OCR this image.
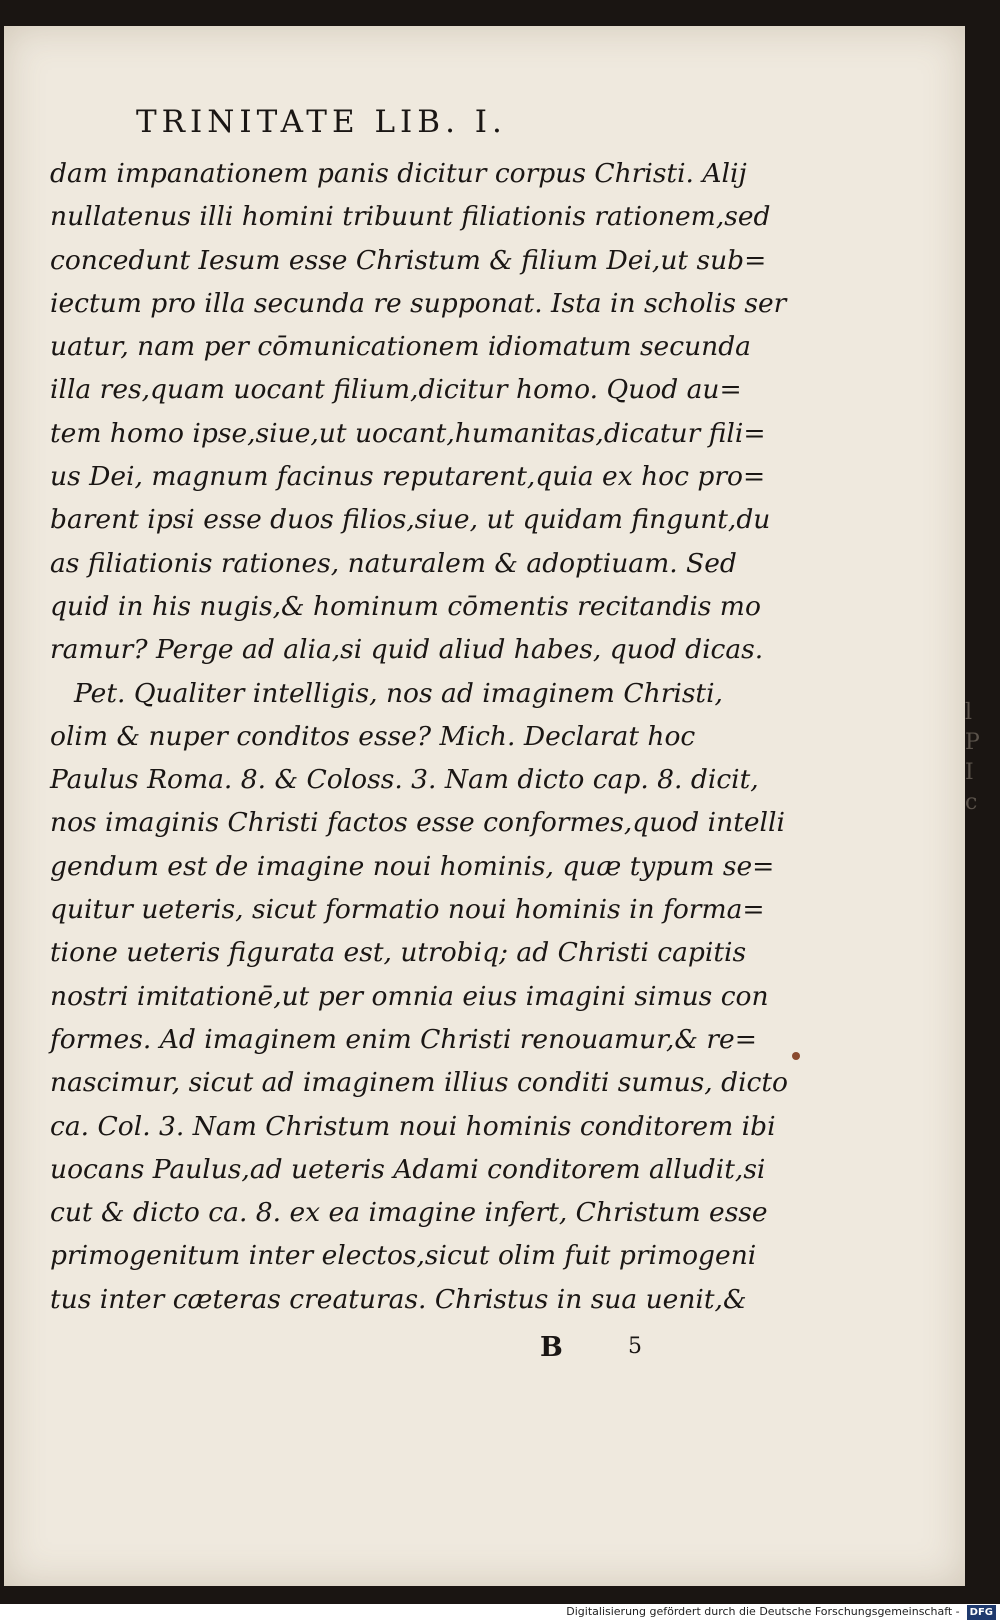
l
P
I
c
TRINITATE LIB. I.
dam impanationem panis dicitur corpus Christi. Alij
nullatenus illi homini tribuunt filiationis rationem,sed
concedunt Iesum esse Christum & filium Dei,ut sub=
iectum pro illa secunda re supponat. Ista in scholis ser
uatur, nam per cōmunicationem idiomatum secunda
illa res,quam uocant filium,dicitur homo. Quod au=
tem homo ipse,siue,ut uocant,humanitas,dicatur fili=
us Dei, magnum facinus reputarent,quia ex hoc pro=
barent ipsi esse duos filios,siue, ut quidam fingunt,du
as filiationis rationes, naturalem & adoptiuam. Sed
quid in his nugis,& hominum cōmentis recitandis mo
ramur? Perge ad alia,si quid aliud habes, quod dicas.
Pet. Qualiter intelligis, nos ad imaginem Christi,
olim & nuper conditos esse? Mich. Declarat hoc
Paulus Roma. 8. & Coloss. 3. Nam dicto cap. 8. dicit,
nos imaginis Christi factos esse conformes,quod intelli
gendum est de imagine noui hominis, quæ typum se=
quitur ueteris, sicut formatio noui hominis in forma=
tione ueteris figurata est, utrobiq; ad Christi capitis
nostri imitationē,ut per omnia eius imagini simus con
formes. Ad imaginem enim Christi renouamur,& re=
nascimur, sicut ad imaginem illius conditi sumus, dicto
ca. Col. 3. Nam Christum noui hominis conditorem ibi
uocans Paulus,ad ueteris Adami conditorem alludit,si
cut & dicto ca. 8. ex ea imagine infert, Christum esse
primogenitum inter electos,sicut olim fuit primogeni
tus inter cæteras creaturas. Christus in sua uenit,&
B	5
Digitalisierung gefördert durch die Deutsche Forschungsgemeinschaft - DFG
